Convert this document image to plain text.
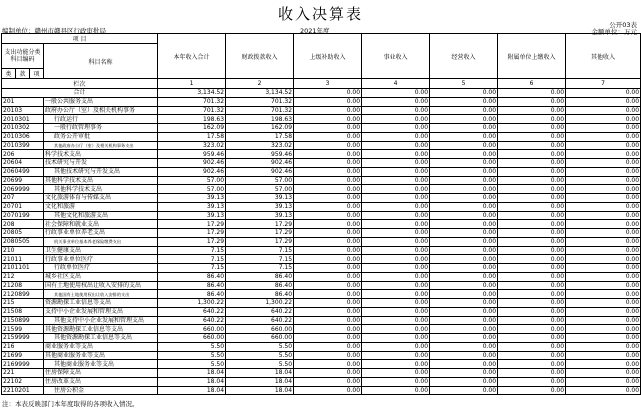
收入决算表
公开03表
编制单位：赣州市赣县区行政审批局	2021年度	金额单位：万元
项 目				本年收入合计	财政拨款收入	上级补助收入	事业收入	经营收入	附属单位上缴收入	其他收入
支出功能分类科目编码			科目名称							
类	款	项								
栏次				1	2	3	4	5	6	7
合计				3,134.52	3,134.52	0.00	0.00	0.00	0.00	0.00
201			一般公共服务支出	701.32	701.32	0.00	0.00	0.00	0.00	0.00
20103			政府办公厅（室）及相关机构事务	701.32	701.32	0.00	0.00	0.00	0.00	0.00
2010301			行政运行	198.63	198.63	0.00	0.00	0.00	0.00	0.00
2010302			一般行政管理事务	162.09	162.09	0.00	0.00	0.00	0.00	0.00
2010306			政务公开审批	17.58	17.58	0.00	0.00	0.00	0.00	0.00
2010399			其他政府办公厅（室）及相关机构事务支出	323.02	323.02	0.00	0.00	0.00	0.00	0.00
206			科学技术支出	959.46	959.46	0.00	0.00	0.00	0.00	0.00
20604			技术研究与开发	902.46	902.46	0.00	0.00	0.00	0.00	0.00
2060499			其他技术研究与开发支出	902.46	902.46	0.00	0.00	0.00	0.00	0.00
20699			其他科学技术支出	57.00	57.00	0.00	0.00	0.00	0.00	0.00
2069999			其他科学技术支出	57.00	57.00	0.00	0.00	0.00	0.00	0.00
207			文化旅游体育与传媒支出	39.13	39.13	0.00	0.00	0.00	0.00	0.00
20701			文化和旅游	39.13	39.13	0.00	0.00	0.00	0.00	0.00
2070199			其他文化和旅游支出	39.13	39.13	0.00	0.00	0.00	0.00	0.00
208			社会保障和就业支出	17.29	17.29	0.00	0.00	0.00	0.00	0.00
20805			行政事业单位养老支出	17.29	17.29	0.00	0.00	0.00	0.00	0.00
2080505			机关事业单位基本养老保险缴费支出	17.29	17.29	0.00	0.00	0.00	0.00	0.00
210			卫生健康支出	7.15	7.15	0.00	0.00	0.00	0.00	0.00
21011			行政事业单位医疗	7.15	7.15	0.00	0.00	0.00	0.00	0.00
2101101			行政单位医疗	7.15	7.15	0.00	0.00	0.00	0.00	0.00
212			城乡社区支出	86.40	86.40	0.00	0.00	0.00	0.00	0.00
21208			国有土地使用权出让收入安排的支出	86.40	86.40	0.00	0.00	0.00	0.00	0.00
2120899			其他国有土地使用权出让收入安排的支出	86.40	86.40	0.00	0.00	0.00	0.00	0.00
215			资源勘探工业信息等支出	1,300.22	1,300.22	0.00	0.00	0.00	0.00	0.00
21508			支持中小企业发展和管理支出	640.22	640.22	0.00	0.00	0.00	0.00	0.00
2150899			其他支持中小企业发展和管理支出	640.22	640.22	0.00	0.00	0.00	0.00	0.00
21599			其他资源勘探工业信息等支出	660.00	660.00	0.00	0.00	0.00	0.00	0.00
2159999			其他资源勘探工业信息等支出	660.00	660.00	0.00	0.00	0.00	0.00	0.00
216			商业服务业等支出	5.50	5.50	0.00	0.00	0.00	0.00	0.00
21699			其他商业服务业等支出	5.50	5.50	0.00	0.00	0.00	0.00	0.00
2169999			其他商业服务业等支出	5.50	5.50	0.00	0.00	0.00	0.00	0.00
221			住房保障支出	18.04	18.04	0.00	0.00	0.00	0.00	0.00
22102			住房改革支出	18.04	18.04	0.00	0.00	0.00	0.00	0.00
2210201			住房公积金	18.04	18.04	0.00	0.00	0.00	0.00	0.00
注：本表反映部门本年度取得的各项收入情况。
